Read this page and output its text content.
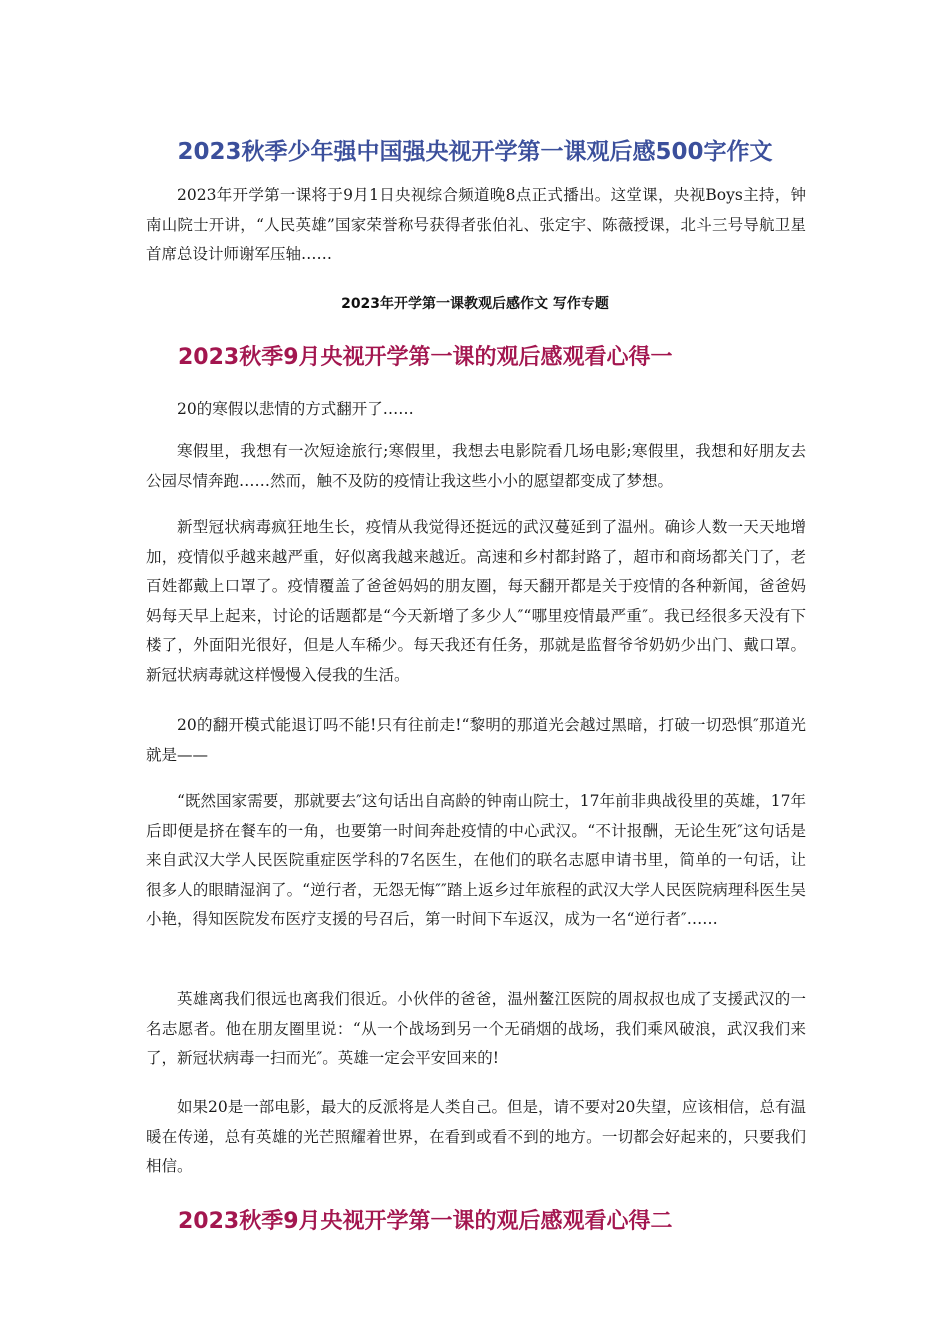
2023秋季少年强中国强央视开学第一课观后感500字作文

2023年开学第一课将于9月1日央视综合频道晚8点正式播出。这堂课，央视Boys主持，钟南山院士开讲，“人民英雄”国家荣誉称号获得者张伯礼、张定宇、陈薇授课，北斗三号导航卫星首席总设计师谢军压轴……

2023年开学第一课教观后感作文 写作专题
2023秋季9月央视开学第一课的观后感观看心得一

20的寒假以悲情的方式翻开了……

寒假里，我想有一次短途旅行;寒假里，我想去电影院看几场电影;寒假里，我想和好朋友去公园尽情奔跑……然而，触不及防的疫情让我这些小小的愿望都变成了梦想。

新型冠状病毒疯狂地生长，疫情从我觉得还挺远的武汉蔓延到了温州。确诊人数一天天地增加，疫情似乎越来越严重，好似离我越来越近。高速和乡村都封路了，超市和商场都关门了，老百姓都戴上口罩了。疫情覆盖了爸爸妈妈的朋友圈，每天翻开都是关于疫情的各种新闻，爸爸妈妈每天早上起来，讨论的话题都是“今天新增了多少人″“哪里疫情最严重″。我已经很多天没有下楼了，外面阳光很好，但是人车稀少。每天我还有任务，那就是监督爷爷奶奶少出门、戴口罩。新冠状病毒就这样慢慢入侵我的生活。

20的翻开模式能退订吗不能!只有往前走!“黎明的那道光会越过黑暗，打破一切恐惧″那道光就是——

“既然国家需要，那就要去″这句话出自高龄的钟南山院士，17年前非典战役里的英雄，17年后即便是挤在餐车的一角，也要第一时间奔赴疫情的中心武汉。“不计报酬，无论生死″这句话是来自武汉大学人民医院重症医学科的7名医生，在他们的联名志愿申请书里，简单的一句话，让很多人的眼睛湿润了。“逆行者，无怨无悔″″踏上返乡过年旅程的武汉大学人民医院病理科医生吴小艳，得知医院发布医疗支援的号召后，第一时间下车返汉，成为一名“逆行者″……

英雄离我们很远也离我们很近。小伙伴的爸爸，温州鳌江医院的周叔叔也成了支援武汉的一名志愿者。他在朋友圈里说：“从一个战场到另一个无硝烟的战场，我们乘风破浪，武汉我们来了，新冠状病毒一扫而光″。英雄一定会平安回来的!

如果20是一部电影，最大的反派将是人类自己。但是，请不要对20失望，应该相信，总有温暖在传递，总有英雄的光芒照耀着世界，在看到或看不到的地方。一切都会好起来的，只要我们相信。

2023秋季9月央视开学第一课的观后感观看心得二
